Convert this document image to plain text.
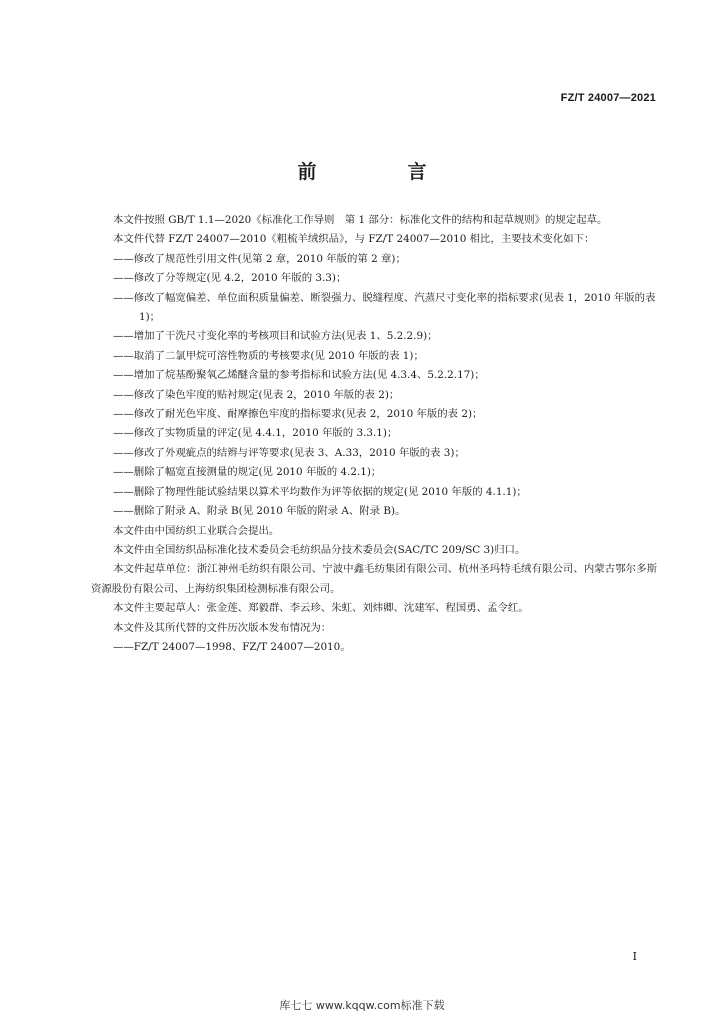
FZ/T 24007—2021
前　言

本文件按照 GB/T 1.1—2020《标准化工作导则　第 1 部分：标准化文件的结构和起草规则》的规定起草。

本文件代替 FZ/T 24007—2010《粗梳羊绒织品》，与 FZ/T 24007—2010 相比，主要技术变化如下：

——修改了规范性引用文件(见第 2 章，2010 年版的第 2 章)；

——修改了分等规定(见 4.2，2010 年版的 3.3)；

——修改了幅宽偏差、单位面积质量偏差、断裂强力、脱缝程度、汽蒸尺寸变化率的指标要求(见表 1，2010 年版的表 1)；

——增加了干洗尺寸变化率的考核项目和试验方法(见表 1、5.2.2.9)；

——取消了二氯甲烷可溶性物质的考核要求(见 2010 年版的表 1)；

——增加了烷基酚聚氧乙烯醚含量的参考指标和试验方法(见 4.3.4、5.2.2.17)；

——修改了染色牢度的贴衬规定(见表 2，2010 年版的表 2)；

——修改了耐光色牢度、耐摩擦色牢度的指标要求(见表 2，2010 年版的表 2)；

——修改了实物质量的评定(见 4.4.1，2010 年版的 3.3.1)；

——修改了外观疵点的结辫与评等要求(见表 3、A.33，2010 年版的表 3)；

——删除了幅宽直接测量的规定(见 2010 年版的 4.2.1)；

——删除了物理性能试验结果以算术平均数作为评等依据的规定(见 2010 年版的 4.1.1)；

——删除了附录 A、附录 B(见 2010 年版的附录 A、附录 B)。

本文件由中国纺织工业联合会提出。

本文件由全国纺织品标准化技术委员会毛纺织品分技术委员会(SAC/TC 209/SC 3)归口。

本文件起草单位：浙江神州毛纺织有限公司、宁波中鑫毛纺集团有限公司、杭州圣玛特毛绒有限公司、内蒙古鄂尔多斯资源股份有限公司、上海纺织集团检测标准有限公司。

本文件主要起草人：张金莲、郑毅群、李云珍、朱虹、刘炜卿、沈建军、程国勇、孟令红。

本文件及其所代替的文件历次版本发布情况为：

——FZ/T 24007—1998、FZ/T 24007—2010。

I
库七七 www.kqqw.com标准下载
